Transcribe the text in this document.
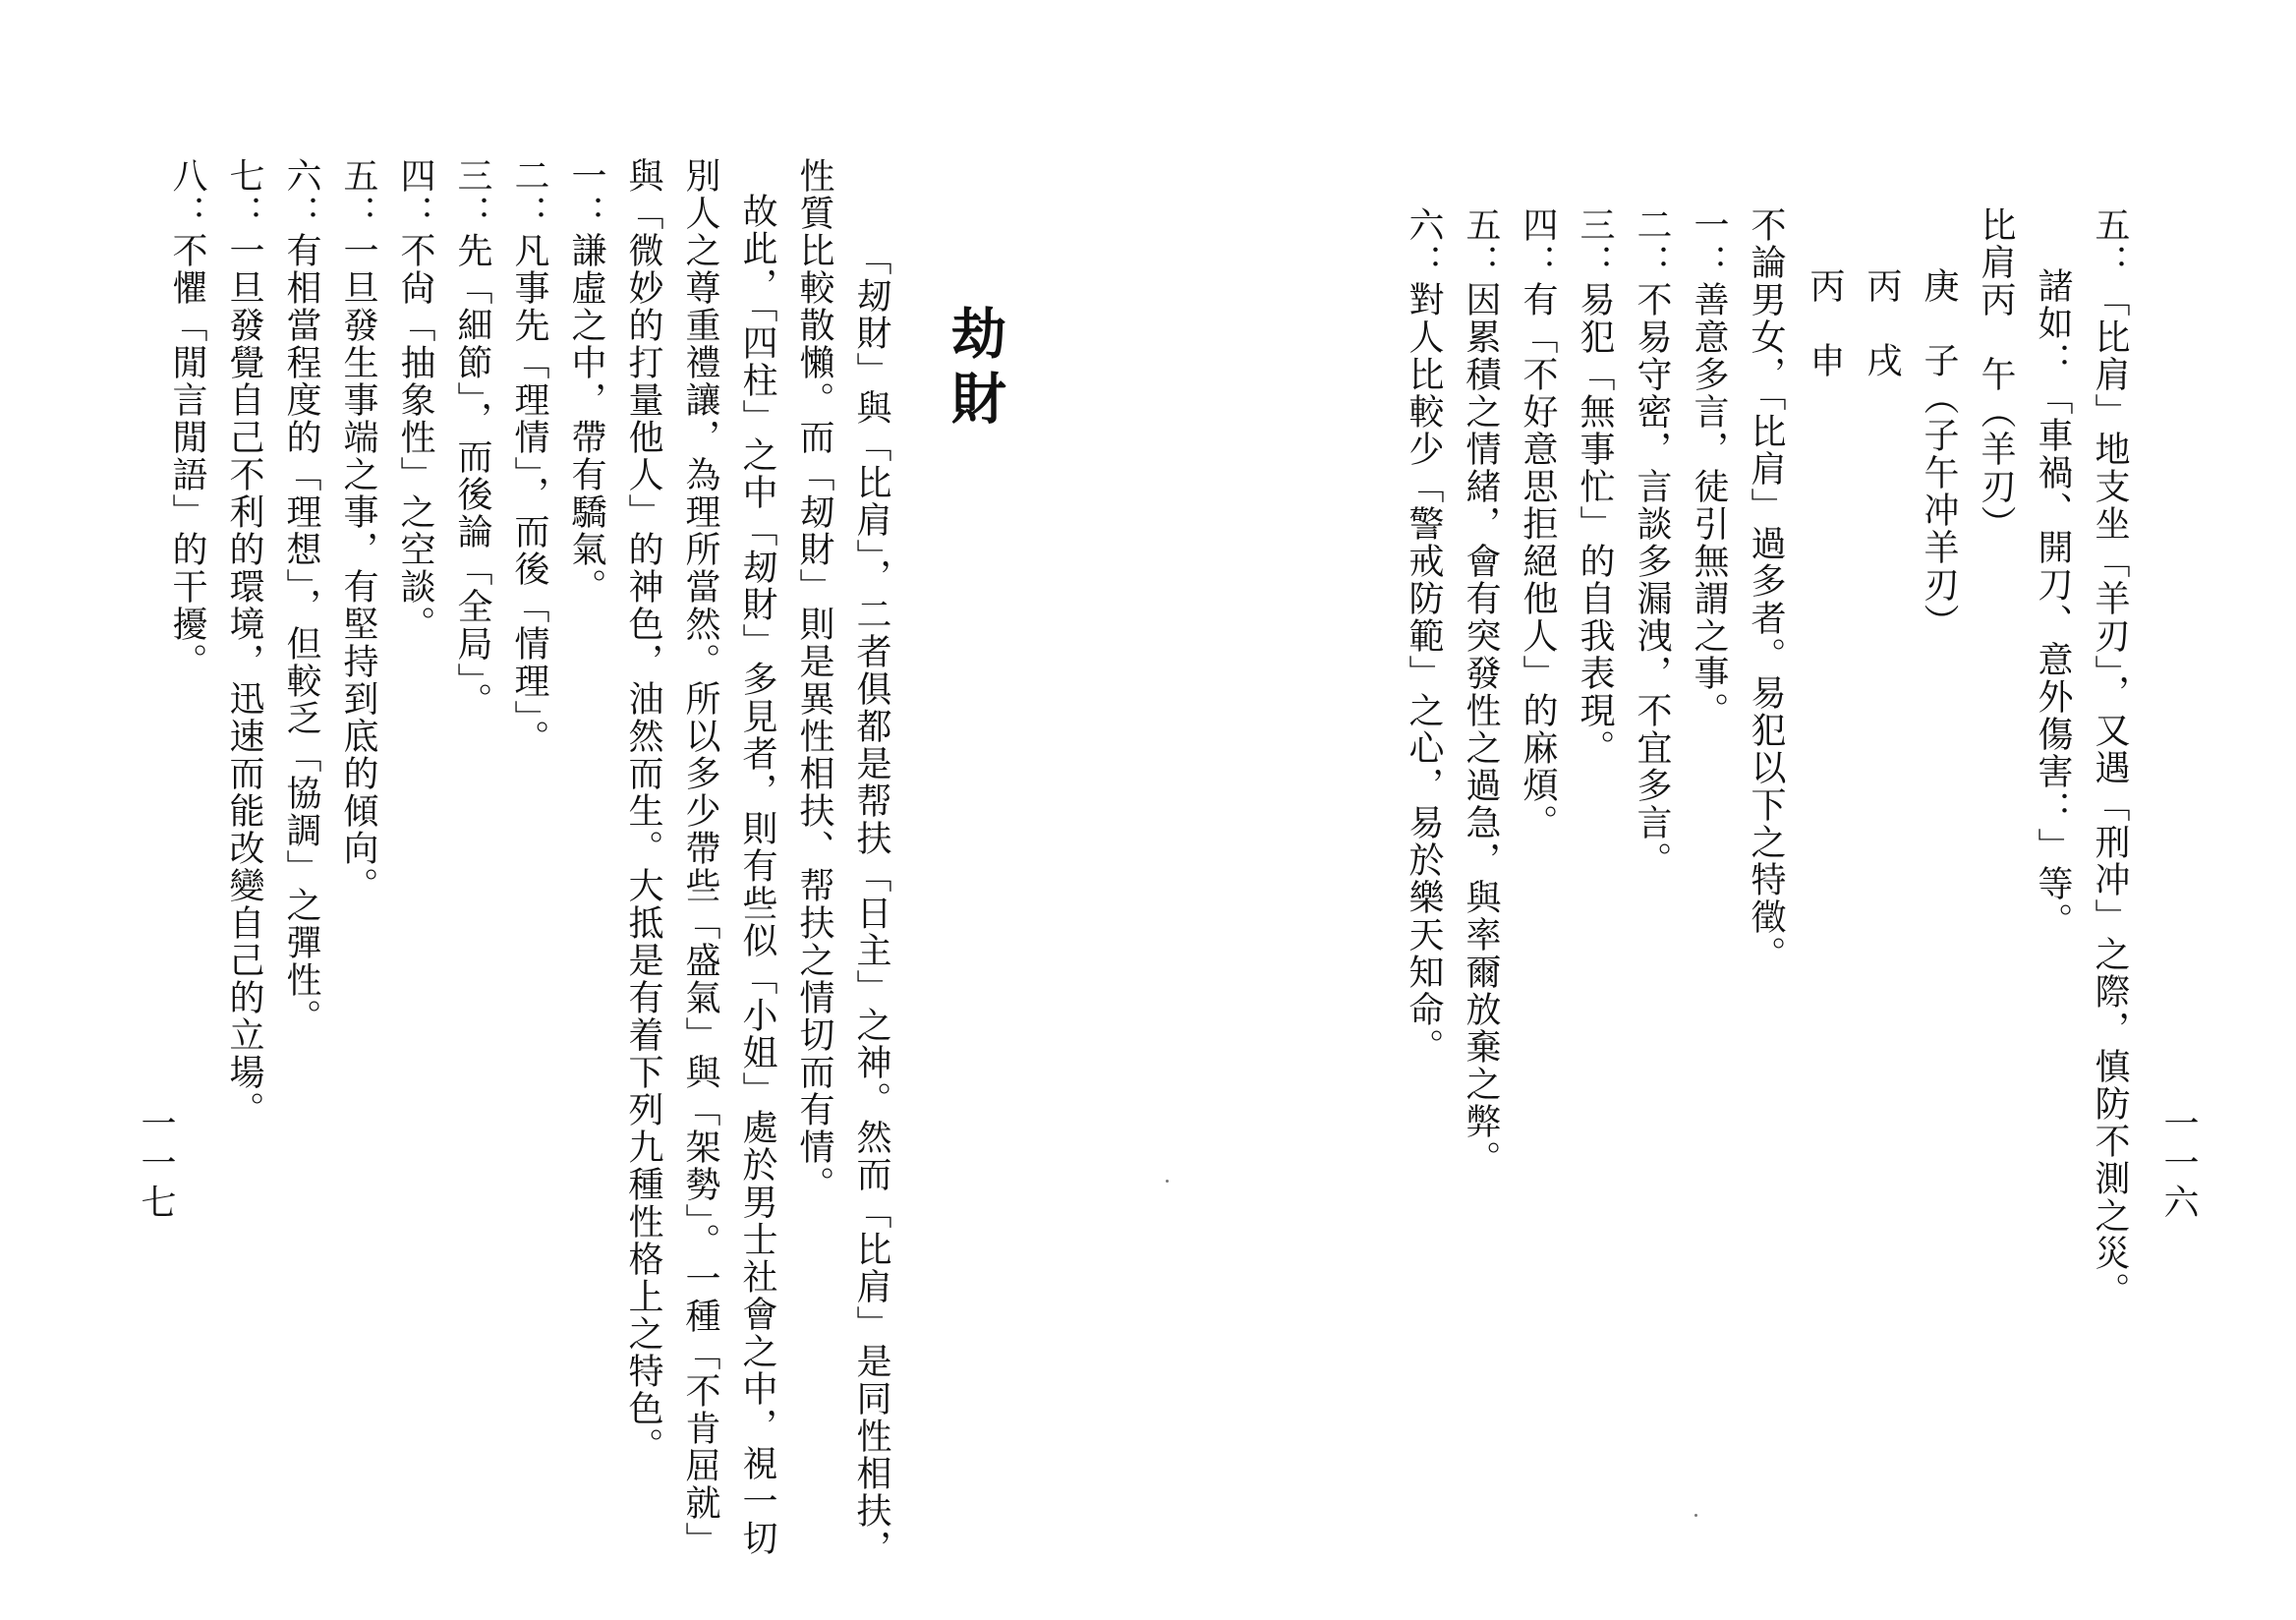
一一六
五：「比肩」地支坐「羊刃」，又遇「刑冲」之際，慎防不測之災。
諸如：「車禍、開刀、意外傷害：」等。
比肩丙　午（羊刃）
庚　子（子午冲羊刃）
丙　戌
丙　申
不論男女，「比肩」過多者。易犯以下之特徵。
一：善意多言，徒引無謂之事。
二：不易守密，言談多漏洩，不宜多言。
三：易犯「無事忙」的自我表現。
四：有「不好意思拒絕他人」的麻煩。
五：因累積之情緒，會有突發性之過急，與率爾放棄之弊。
六：對人比較少「警戒防範」之心，易於樂天知命。
劫財
「刼財」與「比肩」，二者俱都是帮扶「日主」之神。然而「比肩」是同性相扶，
性質比較散懶。而「刼財」則是異性相扶、帮扶之情切而有情。
故此，「四柱」之中「刼財」多見者，則有些似「小姐」處於男士社會之中，視一切
別人之尊重禮讓，為理所當然。所以多少帶些「盛氣」與「架勢」。一種「不肯屈就」
與「微妙的打量他人」的神色，油然而生。大抵是有着下列九種性格上之特色。
一：謙虛之中，帶有驕氣。
二：凡事先「理情」，而後「情理」。
三：先「細節」，而後論「全局」。
四：不尙「抽象性」之空談。
五：一旦發生事端之事，有堅持到底的傾向。
六：有相當程度的「理想」，但較乏「協調」之彈性。
七：一旦發覺自己不利的環境，迅速而能改變自己的立場。
八：不懼「閒言閒語」的干擾。
一一七
